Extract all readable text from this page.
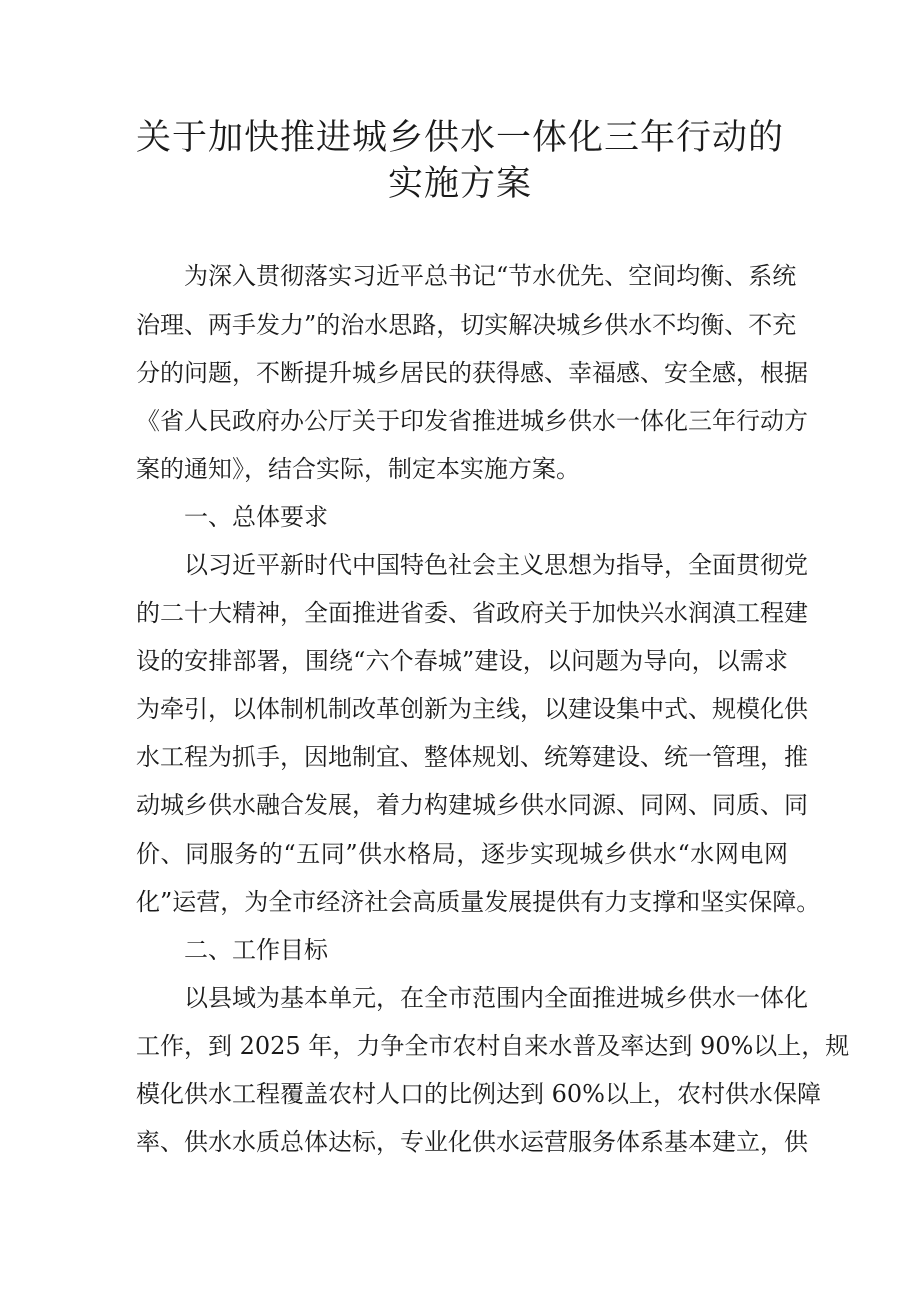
关于加快推进城乡供水一体化三年行动的
实施方案
为深入贯彻落实习近平总书记“节水优先、空间均衡、系统
治理、两手发力”的治水思路，切实解决城乡供水不均衡、不充
分的问题，不断提升城乡居民的获得感、幸福感、安全感，根据
《省人民政府办公厅关于印发省推进城乡供水一体化三年行动方
案的通知》，结合实际，制定本实施方案。
一、总体要求
以习近平新时代中国特色社会主义思想为指导，全面贯彻党
的二十大精神，全面推进省委、省政府关于加快兴水润滇工程建
设的安排部署，围绕“六个春城”建设，以问题为导向，以需求
为牵引，以体制机制改革创新为主线，以建设集中式、规模化供
水工程为抓手，因地制宜、整体规划、统筹建设、统一管理，推
动城乡供水融合发展，着力构建城乡供水同源、同网、同质、同
价、同服务的“五同”供水格局，逐步实现城乡供水“水网电网
化”运营，为全市经济社会高质量发展提供有力支撑和坚实保障。
二、工作目标
以县域为基本单元，在全市范围内全面推进城乡供水一体化
工作，到 2025 年，力争全市农村自来水普及率达到 90%以上，规
模化供水工程覆盖农村人口的比例达到 60%以上，农村供水保障
率、供水水质总体达标，专业化供水运营服务体系基本建立，供
